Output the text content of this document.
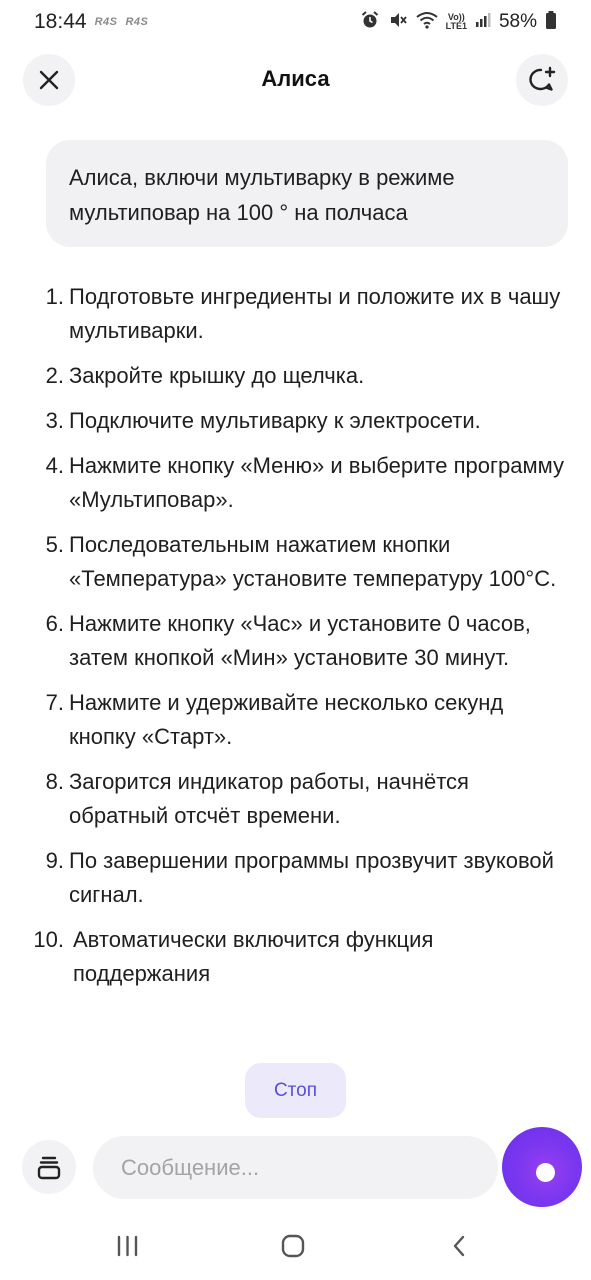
18:44 R4S R4S	Vo))
LTE1 58%
Алиса
Алиса, включи мультиварку в режиме мультиповар на 100 ° на полчаса
1. Подготовьте ингредиенты и положите их в чашу мультиварки.
2. Закройте крышку до щелчка.
3. Подключите мультиварку к электросети.
4. Нажмите кнопку «Меню» и выберите программу «Мультиповар».
5. Последовательным нажатием кнопки «Температура» установите температуру 100°C.
6. Нажмите кнопку «Час» и установите 0 часов, затем кнопкой «Мин» установите 30 минут.
7. Нажмите и удерживайте несколько секунд кнопку «Старт».
8. Загорится индикатор работы, начнётся обратный отсчёт времени.
9. По завершении программы прозвучит звуковой сигнал.
10. Автоматически включится функция поддержания
Стоп
Сообщение...
